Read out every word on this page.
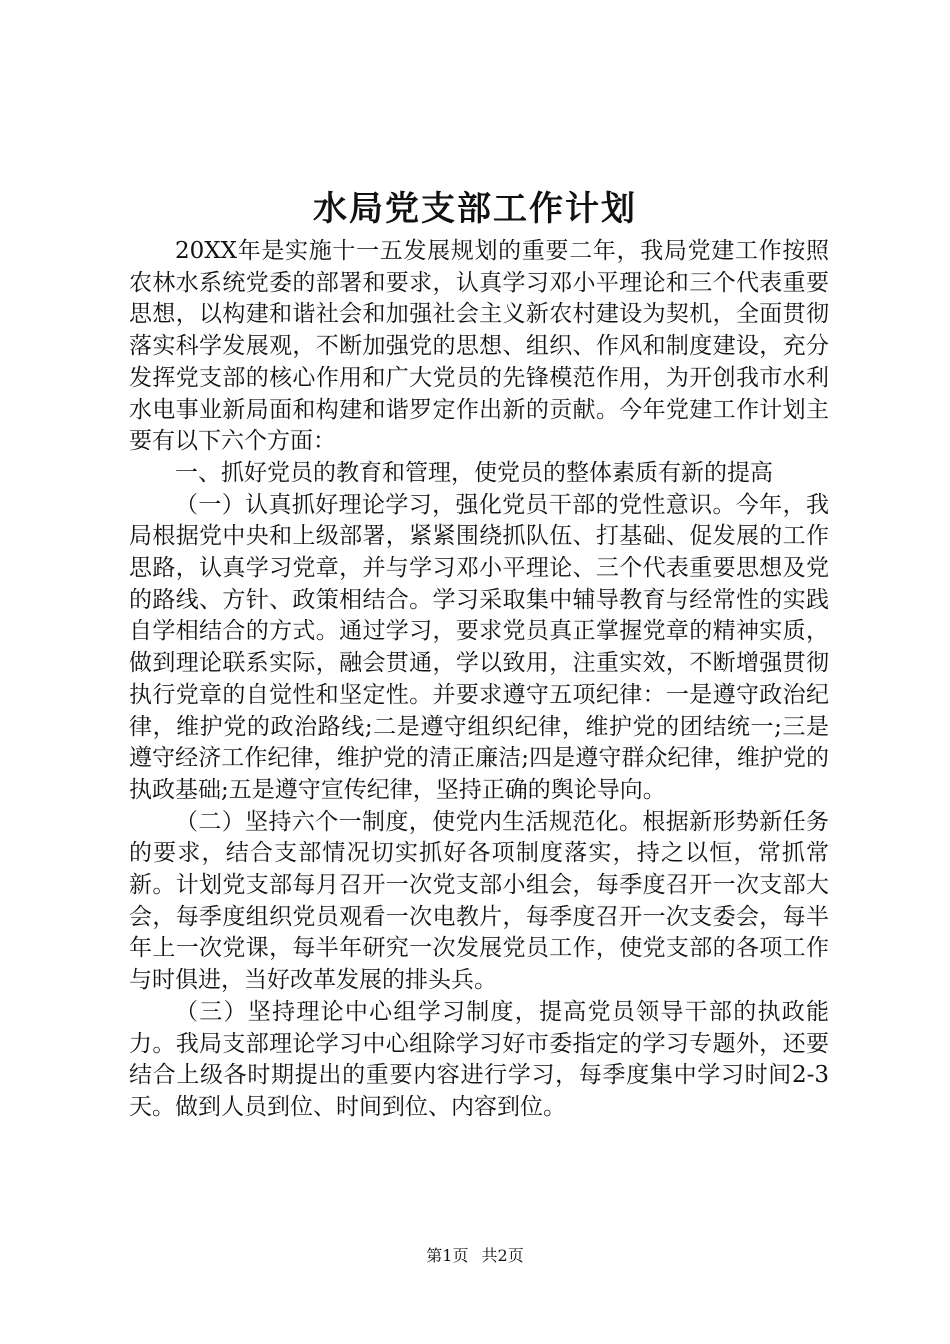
水局党支部工作计划

20XX年是实施十一五发展规划的重要二年，我局党建工作按照农林水系统党委的部署和要求，认真学习邓小平理论和三个代表重要思想，以构建和谐社会和加强社会主义新农村建设为契机，全面贯彻落实科学发展观，不断加强党的思想、组织、作风和制度建设，充分发挥党支部的核心作用和广大党员的先锋模范作用，为开创我市水利水电事业新局面和构建和谐罗定作出新的贡献。今年党建工作计划主要有以下六个方面：

一、抓好党员的教育和管理，使党员的整体素质有新的提高

（一）认真抓好理论学习，强化党员干部的党性意识。今年，我局根据党中央和上级部署，紧紧围绕抓队伍、打基础、促发展的工作思路，认真学习党章，并与学习邓小平理论、三个代表重要思想及党的路线、方针、政策相结合。学习采取集中辅导教育与经常性的实践自学相结合的方式。通过学习，要求党员真正掌握党章的精神实质，做到理论联系实际，融会贯通，学以致用，注重实效，不断增强贯彻执行党章的自觉性和坚定性。并要求遵守五项纪律：一是遵守政治纪律，维护党的政治路线;二是遵守组织纪律，维护党的团结统一;三是遵守经济工作纪律，维护党的清正廉洁;四是遵守群众纪律，维护党的执政基础;五是遵守宣传纪律，坚持正确的舆论导向。

（二）坚持六个一制度，使党内生活规范化。根据新形势新任务的要求，结合支部情况切实抓好各项制度落实，持之以恒，常抓常新。计划党支部每月召开一次党支部小组会，每季度召开一次支部大会，每季度组织党员观看一次电教片，每季度召开一次支委会，每半年上一次党课，每半年研究一次发展党员工作，使党支部的各项工作与时俱进，当好改革发展的排头兵。

（三）坚持理论中心组学习制度，提高党员领导干部的执政能力。我局支部理论学习中心组除学习好市委指定的学习专题外，还要结合上级各时期提出的重要内容进行学习，每季度集中学习时间2-3天。做到人员到位、时间到位、内容到位。

第1页 共2页
